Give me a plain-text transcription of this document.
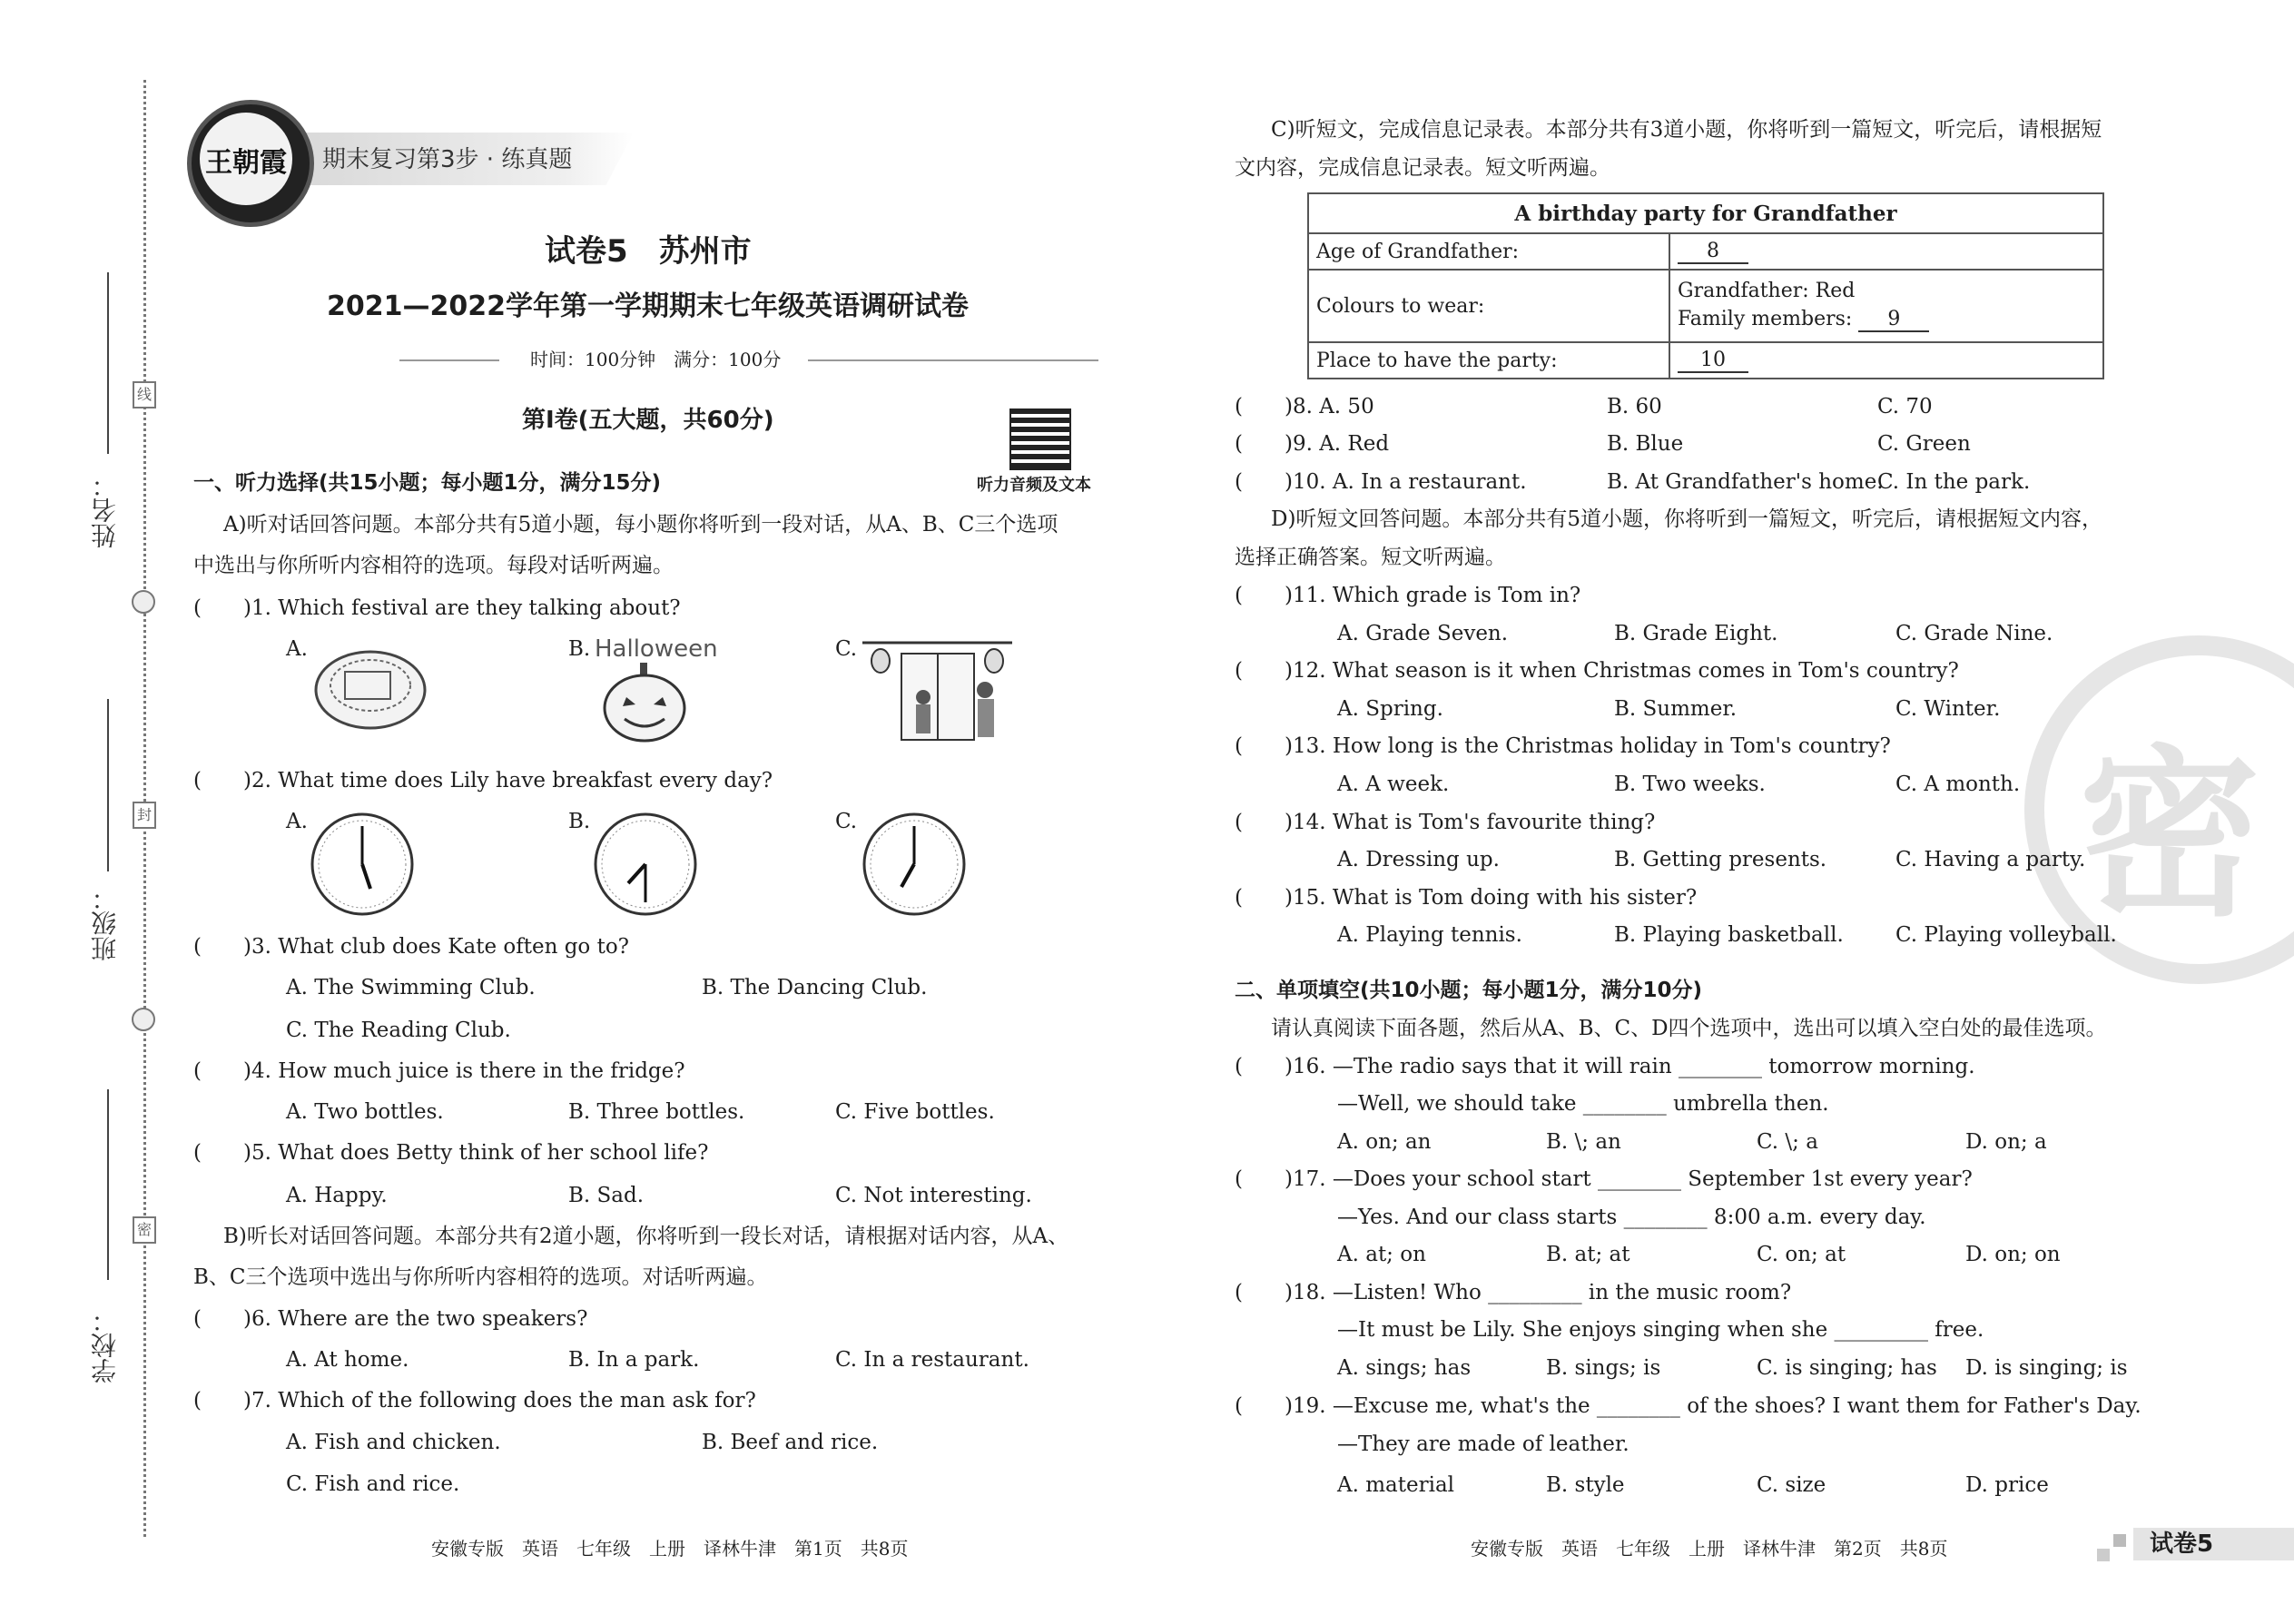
姓名：
班级：
学校：
线
封
密
期末复习第3步 · 练真题
王朝霞
试卷5　苏州市
2021—2022学年第一学期期末七年级英语调研试卷
时间：100分钟　满分：100分
第Ⅰ卷(五大题，共60分)
听力音频及文本
一、听力选择(共15小题；每小题1分，满分15分)
A)听对话回答问题。本部分共有5道小题，每小题你将听到一段对话，从A、B、C三个选项
中选出与你所听内容相符的选项。每段对话听两遍。
(　　)1. Which festival are they talking about?
A.	B. Halloween	C.
(　　)2. What time does Lily have breakfast every day?
A.	B.	C.
(　　)3. What club does Kate often go to?
A. The Swimming Club.	B. The Dancing Club.
C. The Reading Club.
(　　)4. How much juice is there in the fridge?
A. Two bottles.	B. Three bottles.	C. Five bottles.
(　　)5. What does Betty think of her school life?
A. Happy.	B. Sad.	C. Not interesting.
B)听长对话回答问题。本部分共有2道小题，你将听到一段长对话，请根据对话内容，从A、
B、C三个选项中选出与你所听内容相符的选项。对话听两遍。
(　　)6. Where are the two speakers?
A. At home.	B. In a park.	C. In a restaurant.
(　　)7. Which of the following does the man ask for?
A. Fish and chicken.	B. Beef and rice.
C. Fish and rice.
安徽专版　英语　七年级　上册　译林牛津　第1页　共8页
密
C)听短文，完成信息记录表。本部分共有3道小题，你将听到一篇短文，听完后，请根据短
文内容，完成信息记录表。短文听两遍。
A birthday party for Grandfather	
Age of Grandfather:	8
Colours to wear:	Grandfather: Red
Family members: 9

Place to have the party:	10
(　　)8. A. 50	B. 60	C. 70
(　　)9. A. Red	B. Blue	C. Green
(　　)10. A. In a restaurant.	B. At Grandfather's home.
C. In the park.
D)听短文回答问题。本部分共有5道小题，你将听到一篇短文，听完后，请根据短文内容，
选择正确答案。短文听两遍。
(　　)11. Which grade is Tom in?
A. Grade Seven.	B. Grade Eight.	C. Grade Nine.
(　　)12. What season is it when Christmas comes in Tom's country?
A. Spring.	B. Summer.	C. Winter.
(　　)13. How long is the Christmas holiday in Tom's country?
A. A week.	B. Two weeks.	C. A month.
(　　)14. What is Tom's favourite thing?
A. Dressing up.	B. Getting presents.	C. Having a party.
(　　)15. What is Tom doing with his sister?
A. Playing tennis.	B. Playing basketball. C. Playing volleyball.
二、单项填空(共10小题；每小题1分，满分10分)
请认真阅读下面各题，然后从A、B、C、D四个选项中，选出可以填入空白处的最佳选项。
(　　)16. —The radio says that it will rain ________ tomorrow morning.
—Well, we should take ________ umbrella then.
A. on; an	B. \; an	C. \; a	D. on; a
(　　)17. —Does your school start ________ September 1st every year?
—Yes. And our class starts ________ 8:00 a.m. every day.
A. at; on	B. at; at	C. on; at	D. on; on
(　　)18. —Listen! Who _________ in the music room?
—It must be Lily. She enjoys singing when she _________ free.
A. sings; has	B. sings; is	C. is singing; has D. is singing; is
(　　)19. —Excuse me, what's the ________ of the shoes? I want them for Father's Day.
—They are made of leather.
A. material	B. style	C. size	D. price
安徽专版　英语　七年级　上册　译林牛津　第2页　共8页	试卷5
